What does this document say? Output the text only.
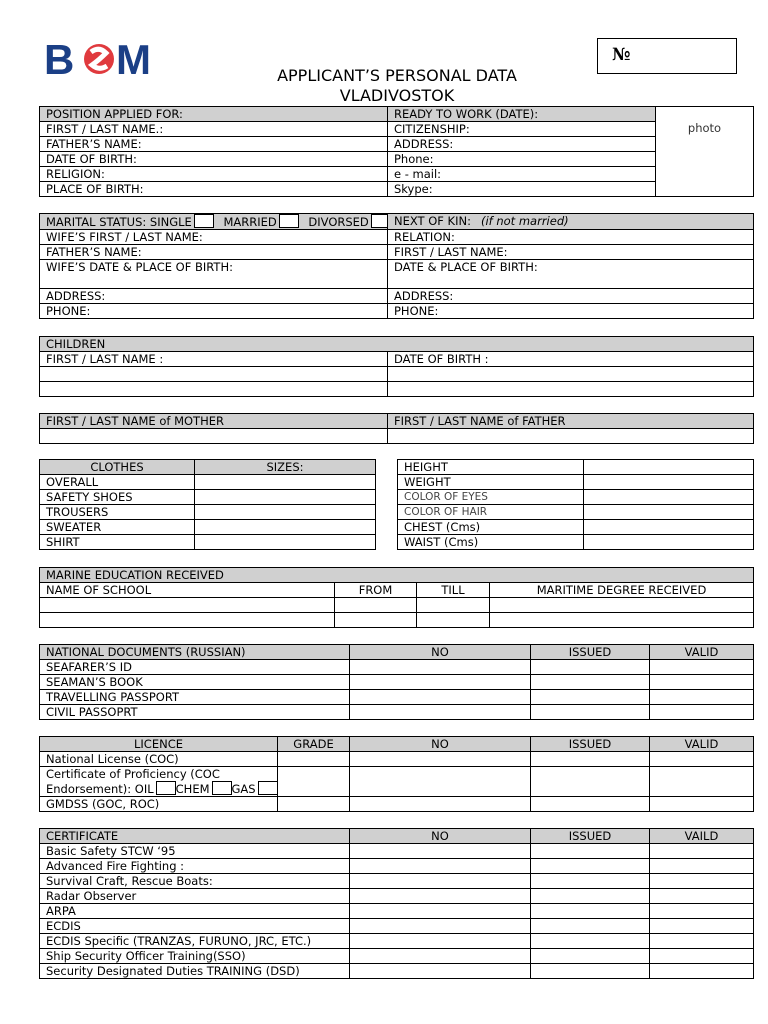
B M	№
APPLICANT’S PERSONAL DATA
VLADIVOSTOK
POSITION APPLIED FOR:	READY TO WORK (DATE):	photo

FIRST / LAST NAME.:	CITIZENSHIP:	
FATHER’S NAME:	ADDRESS:	
DATE OF BIRTH:	Phone:	
RELIGION:	e - mail:	
PLACE OF BIRTH:	Skype:	
MARITAL STATUS: SINGLE MARRIED DIVORSED	NEXT OF KIN: (if not married)
WIFE’S FIRST / LAST NAME:	RELATION:
FATHER’S NAME:	FIRST / LAST NAME:
WIFE’S DATE & PLACE OF BIRTH:	DATE & PLACE OF BIRTH:
ADDRESS:	ADDRESS:
PHONE:	PHONE:
CHILDREN	
FIRST / LAST NAME :	DATE OF BIRTH :

FIRST / LAST NAME of MOTHER	FIRST / LAST NAME of FATHER

CLOTHES	SIZES:
OVERALL	
SAFETY SHOES	
TROUSERS	
SWEATER	
SHIRT	
HEIGHT	
WEIGHT	
COLOR OF EYES	
COLOR OF HAIR	
CHEST (Cms)	
WAIST (Cms)	
MARINE EDUCATION RECEIVED			
NAME OF SCHOOL	FROM	TILL	MARITIME DEGREE RECEIVED

NATIONAL DOCUMENTS (RUSSIAN)	NO	ISSUED	VALID
SEAFARER’S ID			
SEAMAN’S BOOK			
TRAVELLING PASSPORT			
CIVIL PASSOPRT			
LICENCE	GRADE	NO	ISSUED	VALID
National License (COC)				

Certificate of Proficiency (COC
Endorsement): OIL CHEM GAS				

GMDSS (GOC, ROC)				
CERTIFICATE	NO	ISSUED	VAILD
Basic Safety STCW ‘95			
Advanced Fire Fighting :			
Survival Craft, Rescue Boats:			
Radar Observer			
ARPA			
ECDIS			
ECDIS Specific (TRANZAS, FURUNO, JRC, ETC.)			
Ship Security Officer Training(SSO)			
Security Designated Duties TRAINING (DSD)			
